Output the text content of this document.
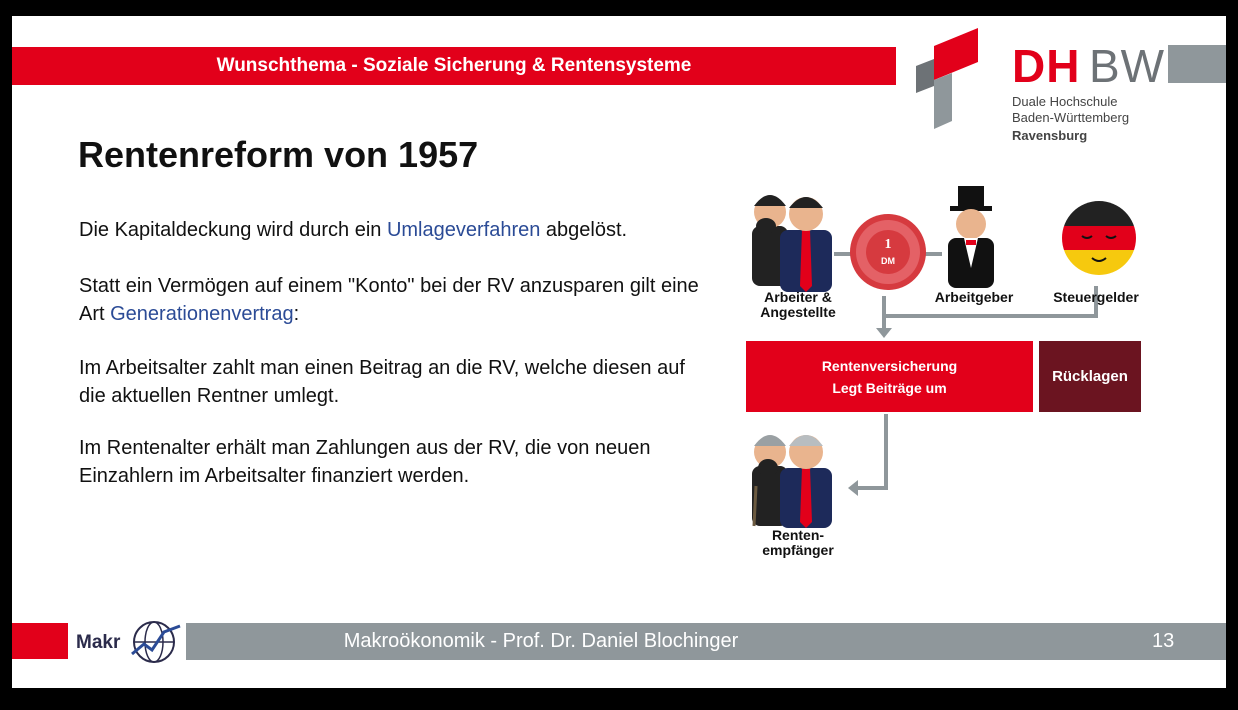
Wunschthema - Soziale Sicherung & Rentensysteme	DH BW
Duale Hochschule
Baden-Württemberg
Ravensburg
Rentenreform von 1957
Die Kapitaldeckung wird durch ein Umlageverfahren abgelöst.
Statt ein Vermögen auf einem "Konto" bei der RV anzusparen gilt eine Art Generationenvertrag:
Im Arbeitsalter zahlt man einen Beitrag an die RV, welche diesen auf die aktuellen Rentner umlegt.
Im Rentenalter erhält man Zahlungen aus der RV, die von neuen Einzahlern im Arbeitsalter finanziert werden.
1
DM
Arbeiter &
Angestellte
Arbeitgeber	Steuergelder
Rentenversicherung
Legt Beiträge um
Rücklagen
Renten-
empfänger
Makr	Makroökonomik - Prof. Dr. Daniel Blochinger	13
